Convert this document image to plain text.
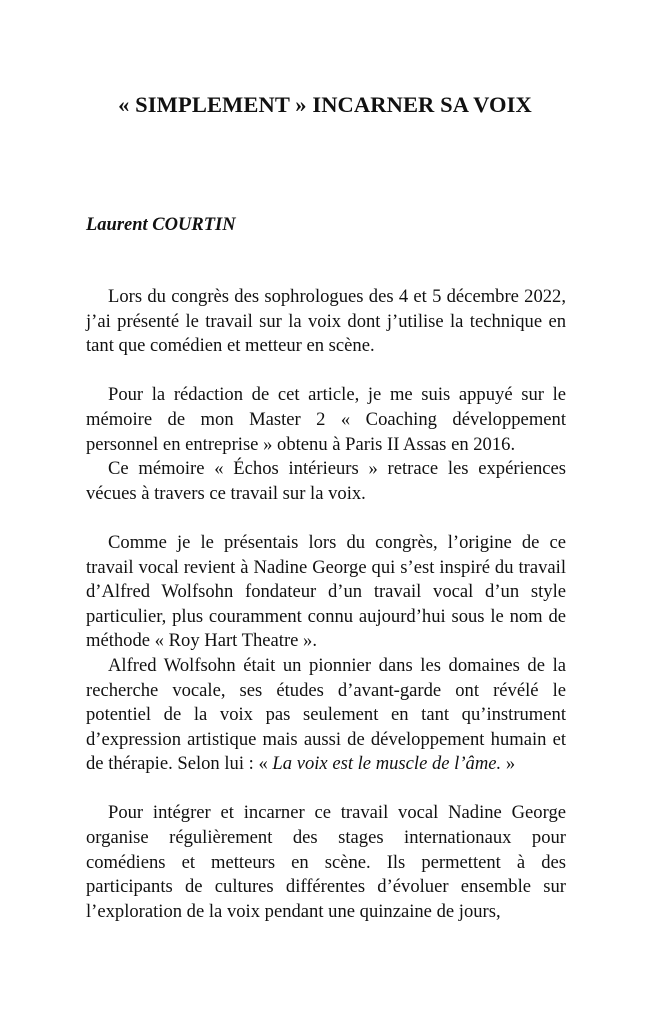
« SIMPLEMENT » INCARNER SA VOIX

Laurent COURTIN

Lors du congrès des sophrologues des 4 et 5 décembre 2022, j’ai présenté le travail sur la voix dont j’utilise la technique en tant que comédien et metteur en scène.

Pour la rédaction de cet article, je me suis appuyé sur le mémoire de mon Master 2 « Coaching développement personnel en entreprise » obtenu à Paris II Assas en 2016.

Ce mémoire « Échos intérieurs » retrace les expériences vécues à travers ce travail sur la voix.

Comme je le présentais lors du congrès, l’origine de ce travail vocal revient à Nadine George qui s’est inspiré du travail d’Alfred Wolfsohn fondateur d’un travail vocal d’un style particulier, plus couramment connu aujourd’hui sous le nom de méthode « Roy Hart Theatre ».

Alfred Wolfsohn était un pionnier dans les domaines de la recherche vocale, ses études d’avant-garde ont révélé le potentiel de la voix pas seulement en tant qu’instrument d’expression artistique mais aussi de développement humain et de thérapie. Selon lui : « La voix est le muscle de l’âme. »

Pour intégrer et incarner ce travail vocal Nadine George organise régulièrement des stages internationaux pour comédiens et metteurs en scène. Ils permettent à des participants de cultures différentes d’évoluer ensemble sur l’exploration de la voix pendant une quinzaine de jours,
